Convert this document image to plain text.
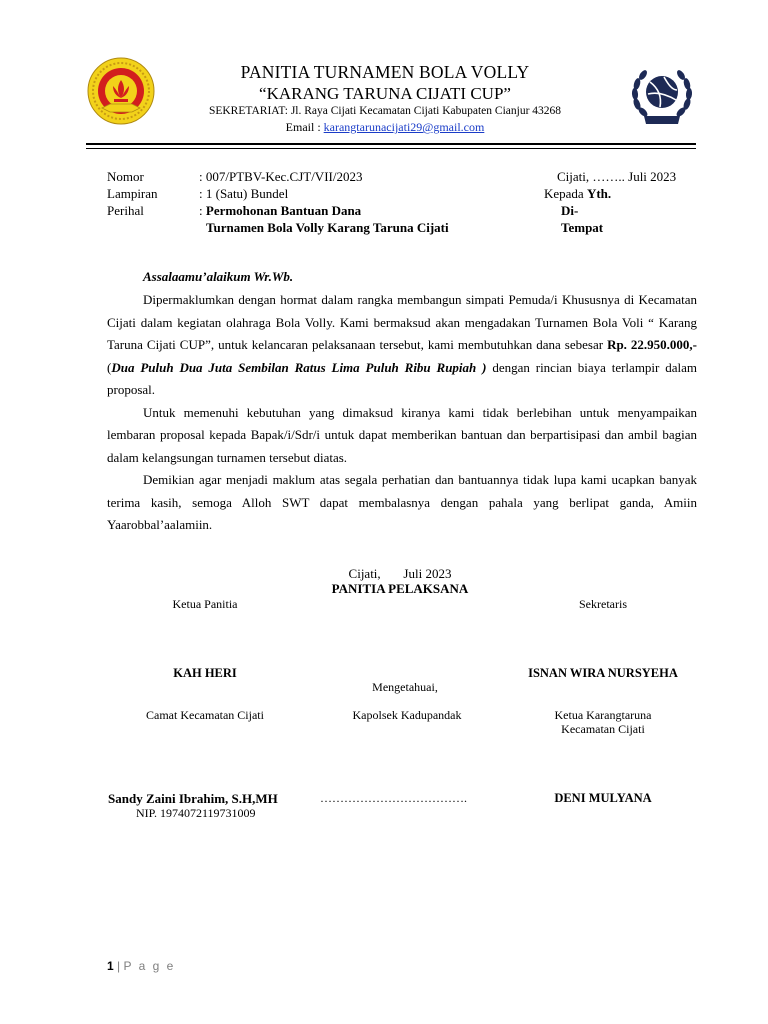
PANITIA TURNAMEN BOLA VOLLY
“KARANG TARUNA CIJATI CUP”
SEKRETARIAT: Jl. Raya Cijati Kecamatan Cijati Kabupaten Cianjur 43268
Email : karangtarunacijati29@gmail.com
Nomor	: 007/PTBV-Kec.CJT/VII/2023	Cijati, …….. Juli 2023
Lampiran	: 1 (Satu) Bundel	Kepada Yth.
Perihal	: Permohonan Bantuan Dana	Di-
Turnamen Bola Volly Karang Taruna Cijati	Tempat
Assalaamu’alaikum Wr.Wb.

Dipermaklumkan dengan hormat dalam rangka membangun simpati Pemuda/i Khususnya di Kecamatan Cijati dalam kegiatan olahraga Bola Volly. Kami bermaksud akan mengadakan Turnamen Bola Voli “ Karang Taruna Cijati CUP”, untuk kelancaran pelaksanaan tersebut, kami membutuhkan dana sebesar Rp. 22.950.000,- (Dua Puluh Dua Juta Sembilan Ratus Lima Puluh Ribu Rupiah ) dengan rincian biaya terlampir dalam proposal.

Untuk memenuhi kebutuhan yang dimaksud kiranya kami tidak berlebihan untuk menyampaikan lembaran proposal kepada Bapak/i/Sdr/i untuk dapat memberikan bantuan dan berpartisipasi dan ambil bagian dalam kelangsungan turnamen tersebut diatas.

Demikian agar menjadi maklum atas segala perhatian dan bantuannya tidak lupa kami ucapkan banyak terima kasih, semoga Alloh SWT dapat membalasnya dengan pahala yang berlipat ganda, Amiin Yaarobbal’aalamiin.

Cijati,       Juli 2023
PANITIA PELAKSANA
Ketua Panitia	Sekretaris
KAH HERI	ISNAN WIRA NURSYEHA
Mengetahuai,
Camat Kecamatan Cijati	Kapolsek Kadupandak	Ketua Karangtaruna
Kecamatan Cijati
Sandy Zaini Ibrahim, S.H,MH	……………………………….	DENI MULYANA
NIP. 1974072119731009
1 | P a g e
